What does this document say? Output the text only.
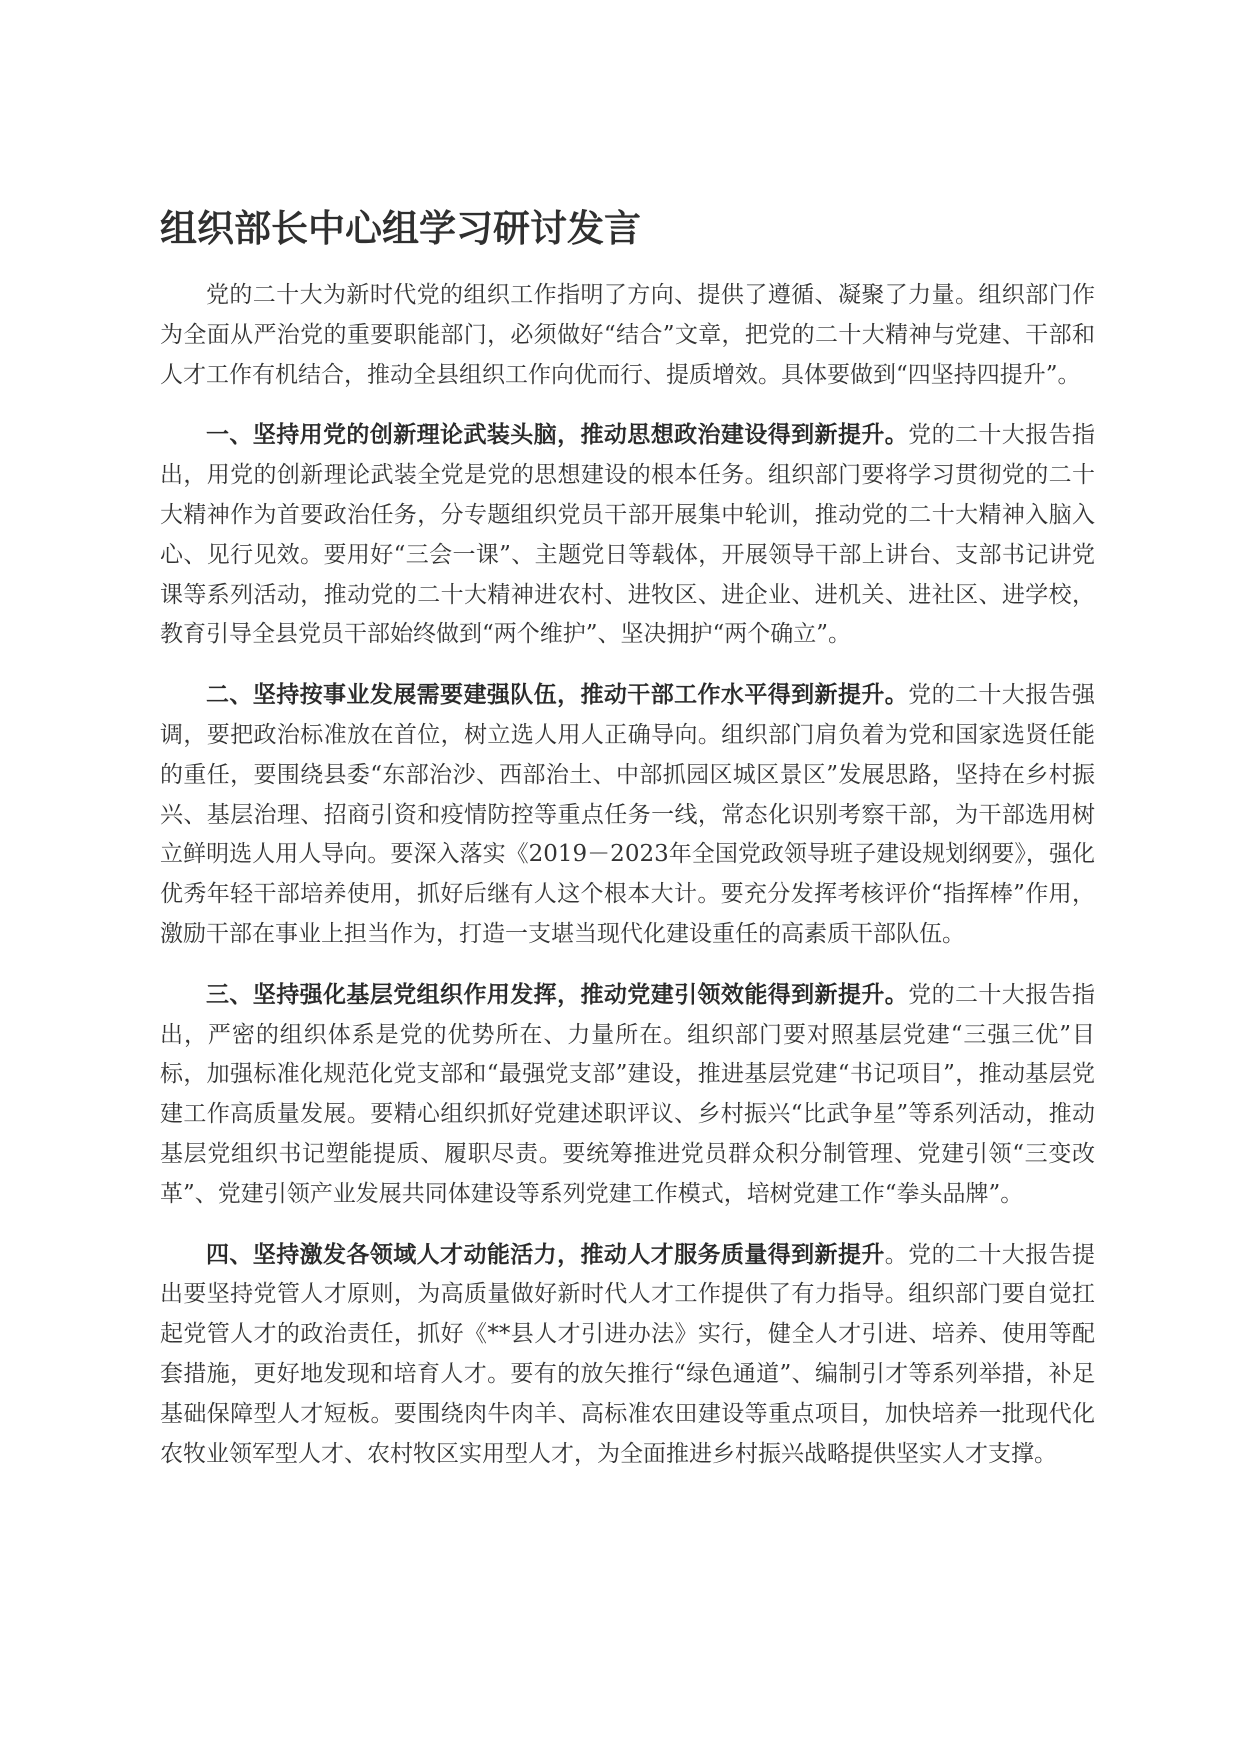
组织部长中心组学习研讨发言

党的二十大为新时代党的组织工作指明了方向、提供了遵循、凝聚了力量。组织部门作为全面从严治党的重要职能部门，必须做好“结合”文章，把党的二十大精神与党建、干部和人才工作有机结合，推动全县组织工作向优而行、提质增效。具体要做到“四坚持四提升”。

一、坚持用党的创新理论武装头脑，推动思想政治建设得到新提升。党的二十大报告指出，用党的创新理论武装全党是党的思想建设的根本任务。组织部门要将学习贯彻党的二十大精神作为首要政治任务，分专题组织党员干部开展集中轮训，推动党的二十大精神入脑入心、见行见效。要用好“三会一课”、主题党日等载体，开展领导干部上讲台、支部书记讲党课等系列活动，推动党的二十大精神进农村、进牧区、进企业、进机关、进社区、进学校，教育引导全县党员干部始终做到“两个维护”、坚决拥护“两个确立”。

二、坚持按事业发展需要建强队伍，推动干部工作水平得到新提升。党的二十大报告强调，要把政治标准放在首位，树立选人用人正确导向。组织部门肩负着为党和国家选贤任能的重任，要围绕县委“东部治沙、西部治土、中部抓园区城区景区”发展思路，坚持在乡村振兴、基层治理、招商引资和疫情防控等重点任务一线，常态化识别考察干部，为干部选用树立鲜明选人用人导向。要深入落实《2019－2023年全国党政领导班子建设规划纲要》，强化优秀年轻干部培养使用，抓好后继有人这个根本大计。要充分发挥考核评价“指挥棒”作用，激励干部在事业上担当作为，打造一支堪当现代化建设重任的高素质干部队伍。

三、坚持强化基层党组织作用发挥，推动党建引领效能得到新提升。党的二十大报告指出，严密的组织体系是党的优势所在、力量所在。组织部门要对照基层党建“三强三优”目标，加强标准化规范化党支部和“最强党支部”建设，推进基层党建“书记项目”，推动基层党建工作高质量发展。要精心组织抓好党建述职评议、乡村振兴“比武争星”等系列活动，推动基层党组织书记塑能提质、履职尽责。要统筹推进党员群众积分制管理、党建引领“三变改革”、党建引领产业发展共同体建设等系列党建工作模式，培树党建工作“拳头品牌”。

四、坚持激发各领域人才动能活力，推动人才服务质量得到新提升。党的二十大报告提出要坚持党管人才原则，为高质量做好新时代人才工作提供了有力指导。组织部门要自觉扛起党管人才的政治责任，抓好《**县人才引进办法》实行，健全人才引进、培养、使用等配套措施，更好地发现和培育人才。要有的放矢推行“绿色通道”、编制引才等系列举措，补足基础保障型人才短板。要围绕肉牛肉羊、高标准农田建设等重点项目，加快培养一批现代化农牧业领军型人才、农村牧区实用型人才，为全面推进乡村振兴战略提供坚实人才支撑。
